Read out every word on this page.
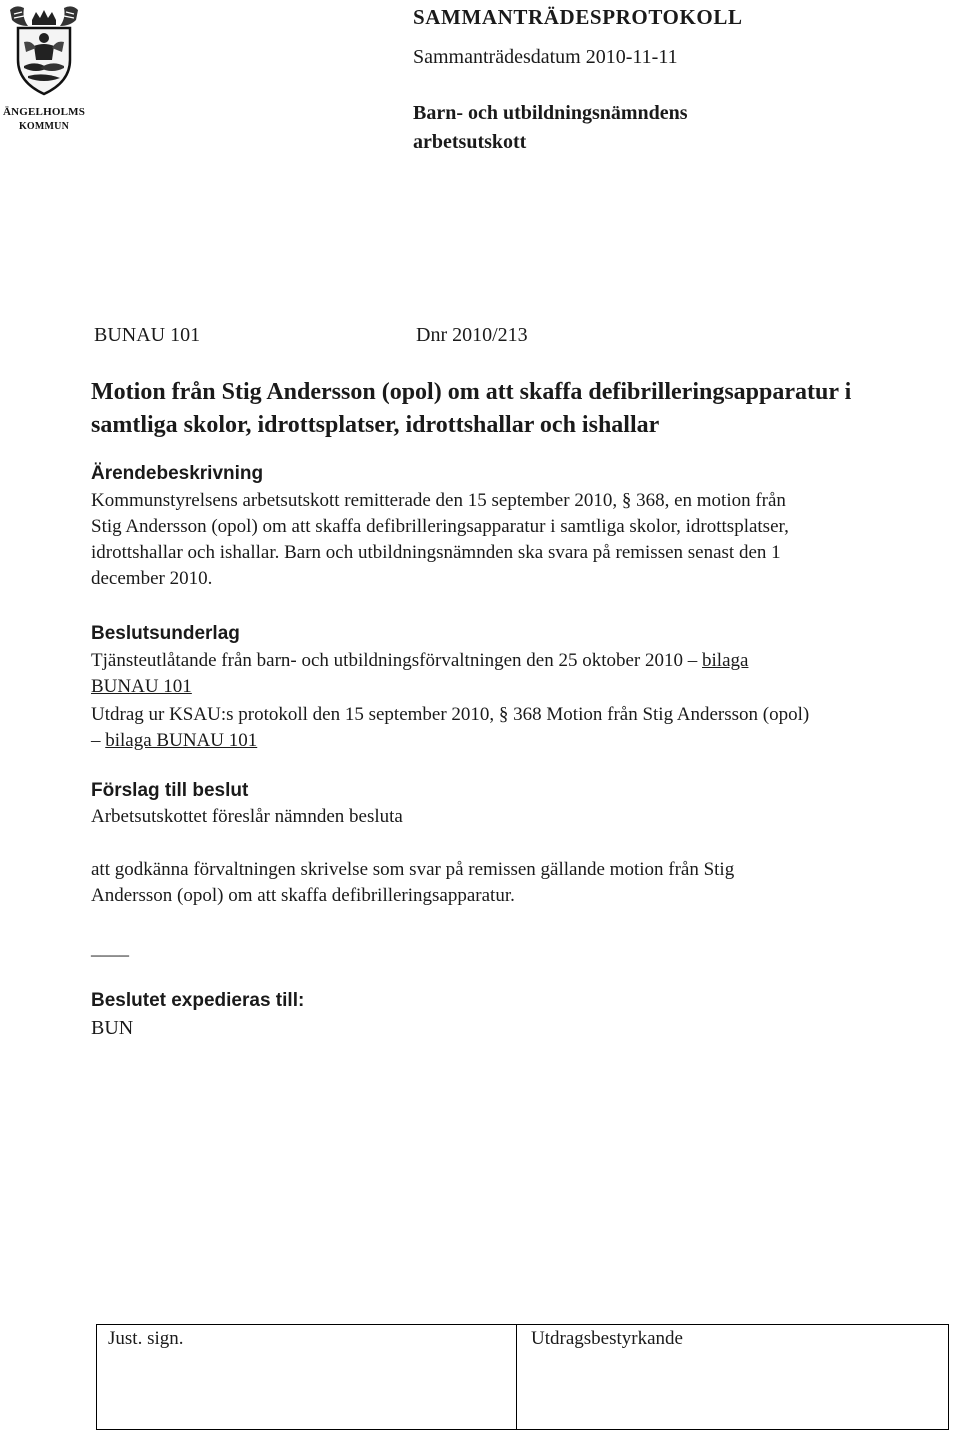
ÄNGELHOLMS
KOMMUN
SAMMANTRÄDESPROTOKOLL
Sammanträdesdatum 2010-11-11
Barn- och utbildningsnämndens arbetsutskott
BUNAU 101	Dnr 2010/213
Motion från Stig Andersson (opol) om att skaffa defibrilleringsapparatur i
samtliga skolor, idrottsplatser, idrottshallar och ishallar
Ärendebeskrivning
Kommunstyrelsens arbetsutskott remitterade den 15 september 2010, § 368, en motion från
Stig Andersson (opol) om att skaffa defibrilleringsapparatur i samtliga skolor, idrottsplatser,
idrottshallar och ishallar. Barn och utbildningsnämnden ska svara på remissen senast den 1
december 2010.
Beslutsunderlag
Tjänsteutlåtande från barn- och utbildningsförvaltningen den 25 oktober 2010 – bilaga
BUNAU 101
Utdrag ur KSAU:s protokoll den 15 september 2010, § 368 Motion från Stig Andersson (opol)
– bilaga BUNAU 101
Förslag till beslut
Arbetsutskottet föreslår nämnden besluta
att godkänna förvaltningen skrivelse som svar på remissen gällande motion från Stig
Andersson (opol) om att skaffa defibrilleringsapparatur.
____
Beslutet expedieras till:
BUN
Just. sign.	Utdragsbestyrkande
